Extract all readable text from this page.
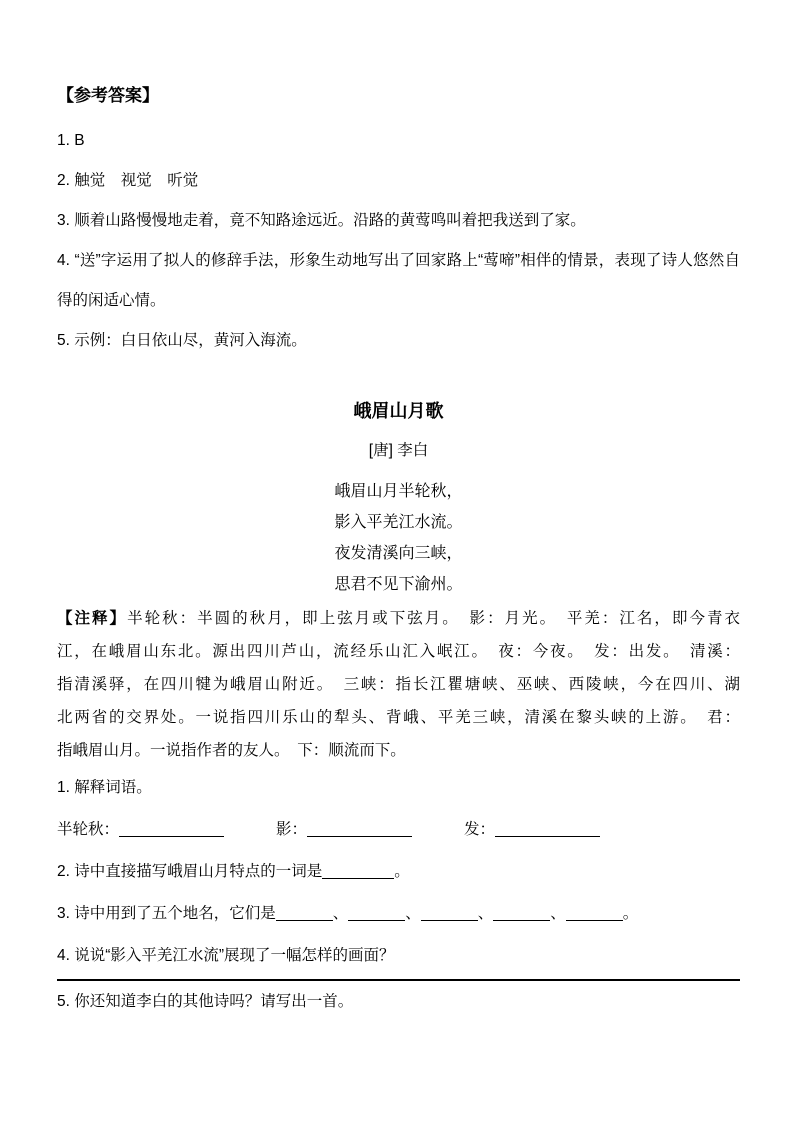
【参考答案】

1. B

2. 触觉　视觉　听觉

3. 顺着山路慢慢地走着，竟不知路途远近。沿路的黄莺鸣叫着把我送到了家。

4. “送”字运用了拟人的修辞手法，形象生动地写出了回家路上“莺啼”相伴的情景，表现了诗人悠然自得的闲适心情。

5. 示例：白日依山尽，黄河入海流。

峨眉山月歌
[唐] 李白
峨眉山月半轮秋，
影入平羌江水流。
夜发清溪向三峡，
思君不见下渝州。
【注释】半轮秋：半圆的秋月，即上弦月或下弦月。　影：月光。　平羌：江名，即今青衣
江，在峨眉山东北。源出四川芦山，流经乐山汇入岷江。　夜：今夜。　发：出发。　清溪：
指清溪驿，在四川犍为峨眉山附近。　三峡：指长江瞿塘峡、巫峡、西陵峡，今在四川、湖
北两省的交界处。一说指四川乐山的犁头、背峨、平羌三峡，清溪在黎头峡的上游。　君：
指峨眉山月。一说指作者的友人。　下：顺流而下。

1. 解释词语。

半轮秋：	影：	发：

2. 诗中直接描写峨眉山月特点的一词是	。

3. 诗中用到了五个地名，它们是	、	、	、	、	。

4. 说说“影入平羌江水流”展现了一幅怎样的画面？

5. 你还知道李白的其他诗吗？请写出一首。
